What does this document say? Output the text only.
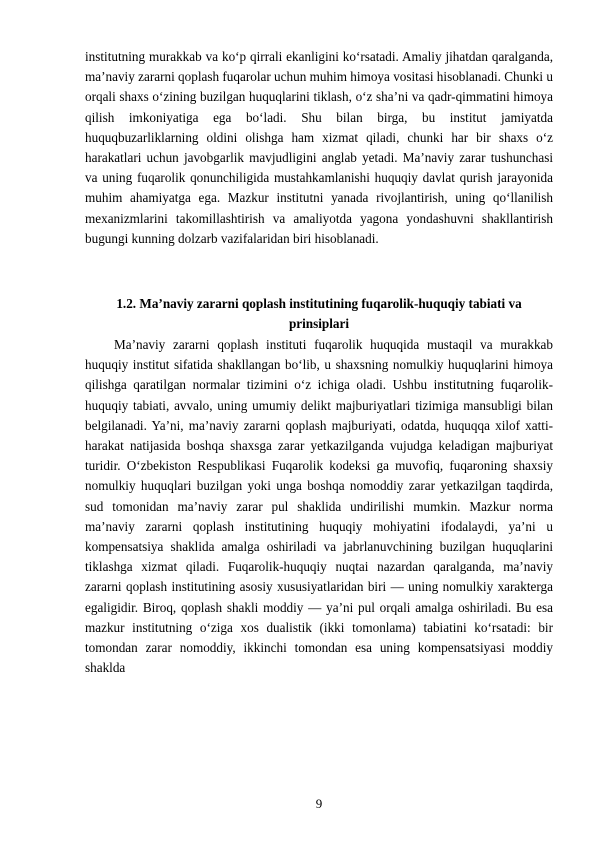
institutning murakkab va ko‘p qirrali ekanligini ko‘rsatadi. Amaliy jihatdan qaralganda, ma’naviy zararni qoplash fuqarolar uchun muhim himoya vositasi hisoblanadi. Chunki u orqali shaxs o‘zining buzilgan huquqlarini tiklash, o‘z sha’ni va qadr-qimmatini himoya qilish imkoniyatiga ega bo‘ladi. Shu bilan birga, bu institut jamiyatda huquqbuzarliklarning oldini olishga ham xizmat qiladi, chunki har bir shaxs o‘z harakatlari uchun javobgarlik mavjudligini anglab yetadi. Ma’naviy zarar tushunchasi va uning fuqarolik qonunchiligida mustahkamlanishi huquqiy davlat qurish jarayonida muhim ahamiyatga ega. Mazkur institutni yanada rivojlantirish, uning qo‘llanilish mexanizmlarini takomillashtirish va amaliyotda yagona yondashuvni shakllantirish bugungi kunning dolzarb vazifalaridan biri hisoblanadi.

1.2. Ma’naviy zararni qoplash institutining fuqarolik-huquqiy tabiati va prinsiplari

Ma’naviy zararni qoplash instituti fuqarolik huquqida mustaqil va murakkab huquqiy institut sifatida shakllangan bo‘lib, u shaxsning nomulkiy huquqlarini himoya qilishga qaratilgan normalar tizimini o‘z ichiga oladi. Ushbu institutning fuqarolik-huquqiy tabiati, avvalo, uning umumiy delikt majburiyatlari tizimiga mansubligi bilan belgilanadi. Ya’ni, ma’naviy zararni qoplash majburiyati, odatda, huquqqa xilof xatti-harakat natijasida boshqa shaxsga zarar yetkazilganda vujudga keladigan majburiyat turidir. O‘zbekiston Respublikasi Fuqarolik kodeksi ga muvofiq, fuqaroning shaxsiy nomulkiy huquqlari buzilgan yoki unga boshqa nomoddiy zarar yetkazilgan taqdirda, sud tomonidan ma’naviy zarar pul shaklida undirilishi mumkin. Mazkur norma ma’naviy zararni qoplash institutining huquqiy mohiyatini ifodalaydi, ya’ni u kompensatsiya shaklida amalga oshiriladi va jabrlanuvchining buzilgan huquqlarini tiklashga xizmat qiladi. Fuqarolik-huquqiy nuqtai nazardan qaralganda, ma’naviy zararni qoplash institutining asosiy xususiyatlaridan biri — uning nomulkiy xarakterga egaligidir. Biroq, qoplash shakli moddiy — ya’ni pul orqali amalga oshiriladi. Bu esa mazkur institutning o‘ziga xos dualistik (ikki tomonlama) tabiatini ko‘rsatadi: bir tomondan zarar nomoddiy, ikkinchi tomondan esa uning kompensatsiyasi moddiy shaklda

9
